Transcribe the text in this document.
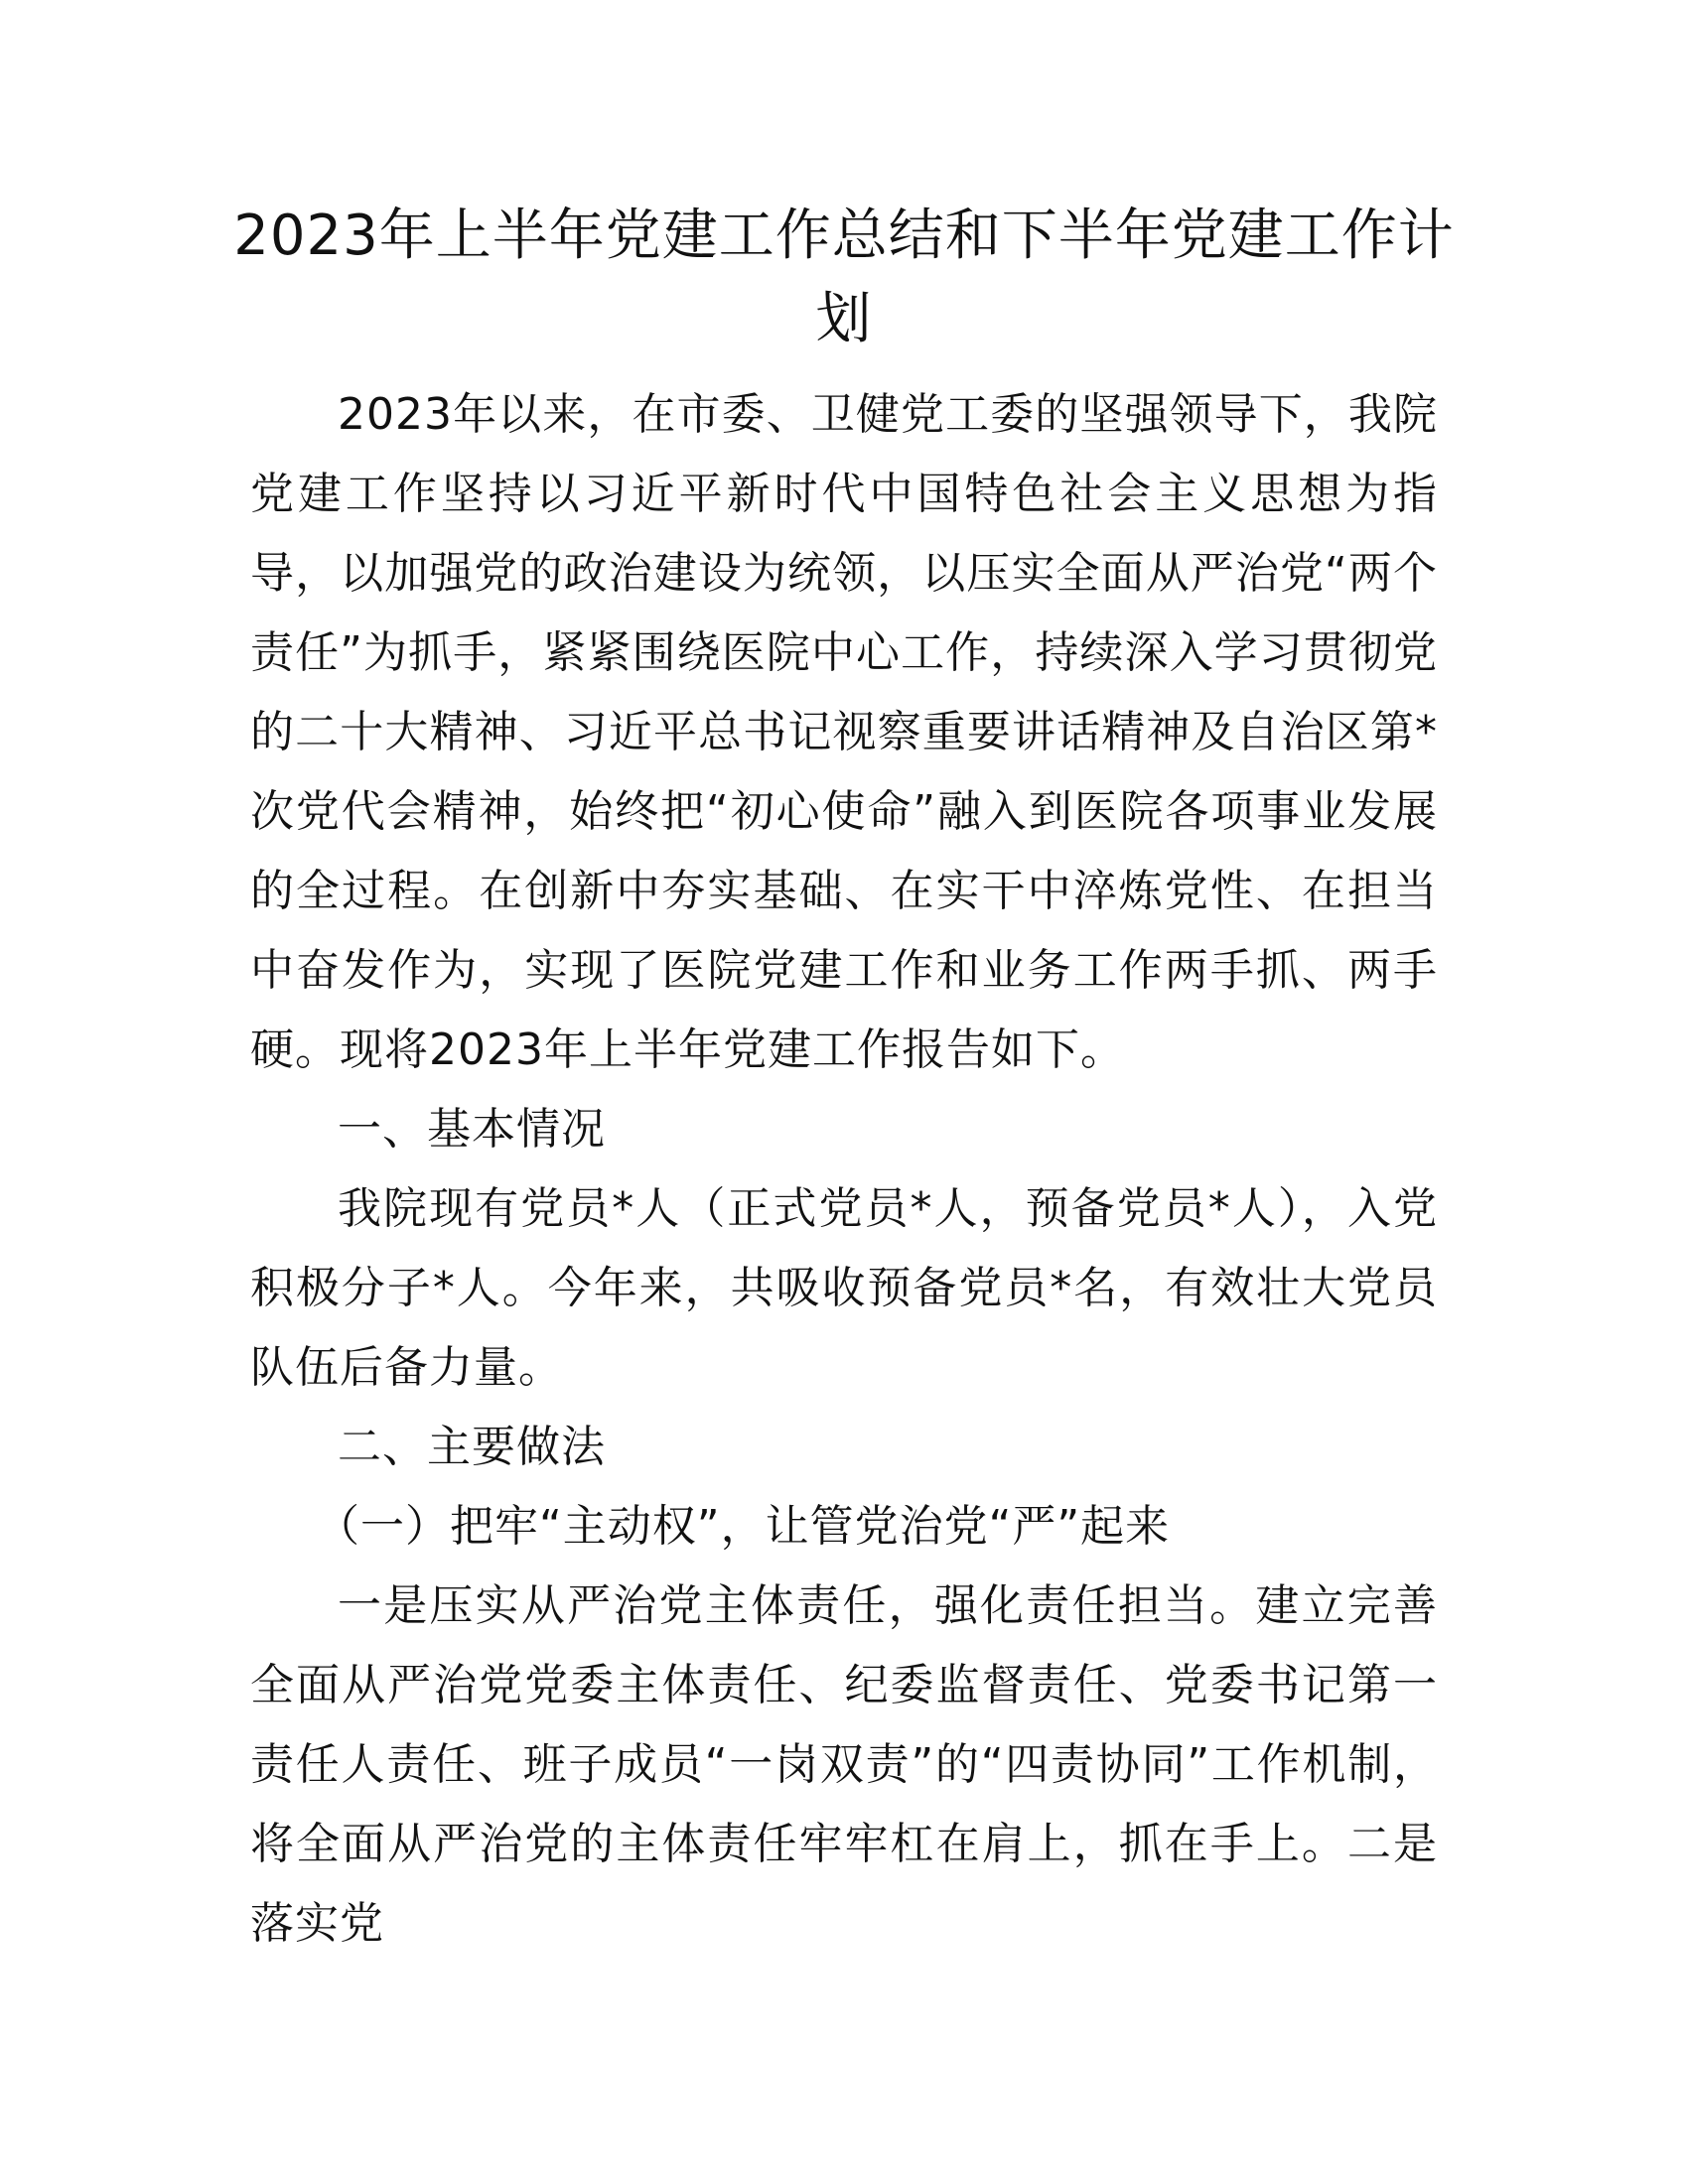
2023年上半年党建工作总结和下半年党建工作计划

2023年以来，在市委、卫健党工委的坚强领导下，我院党建工作坚持以习近平新时代中国特色社会主义思想为指导，以加强党的政治建设为统领，以压实全面从严治党“两个责任”为抓手，紧紧围绕医院中心工作，持续深入学习贯彻党的二十大精神、习近平总书记视察重要讲话精神及自治区第*次党代会精神，始终把“初心使命”融入到医院各项事业发展的全过程。在创新中夯实基础、在实干中淬炼党性、在担当中奋发作为，实现了医院党建工作和业务工作两手抓、两手硬。现将2023年上半年党建工作报告如下。

一、基本情况

我院现有党员*人（正式党员*人，预备党员*人），入党积极分子*人。今年来，共吸收预备党员*名，有效壮大党员队伍后备力量。

二、主要做法

（一）把牢“主动权”，让管党治党“严”起来

一是压实从严治党主体责任，强化责任担当。建立完善全面从严治党党委主体责任、纪委监督责任、党委书记第一责任人责任、班子成员“一岗双责”的“四责协同”工作机制，将全面从严治党的主体责任牢牢杠在肩上，抓在手上。二是落实党
